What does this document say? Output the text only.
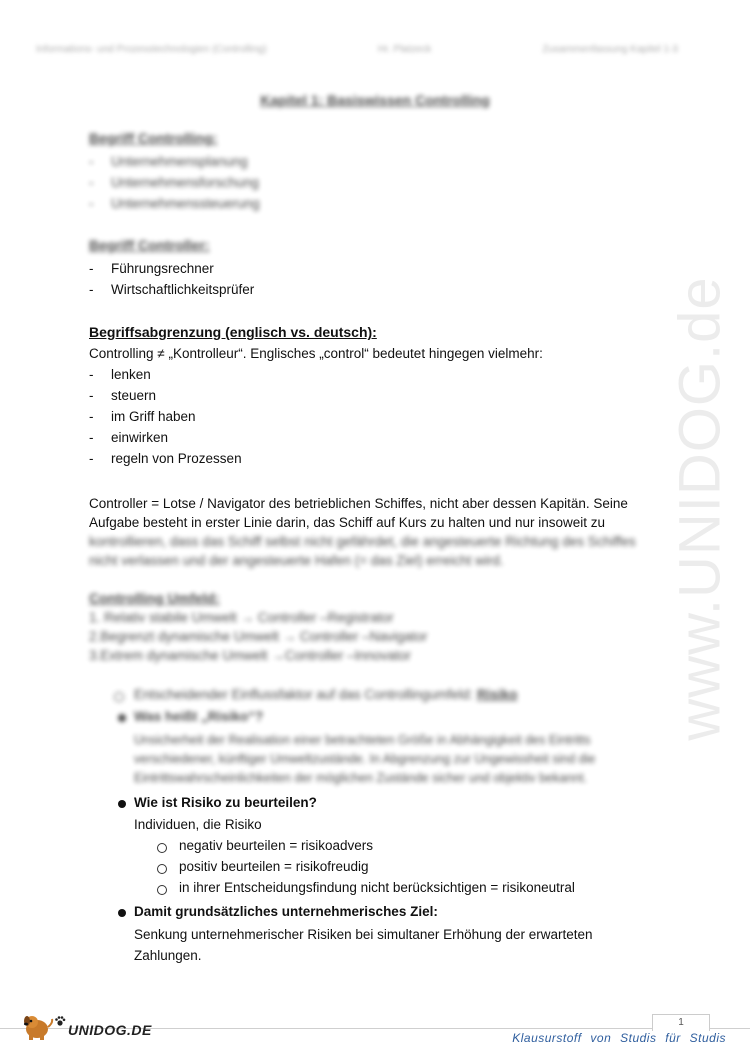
Informations- und Prozesstechnologien (Controlling)	Hr. Platzeck	Zusammenfassung Kapitel 1-3
www.UNIDOG.de
Kapitel 1: Basiswissen Controlling
Begriff Controlling:
- Unternehmensplanung
- Unternehmensforschung
- Unternehmenssteuerung
Begriff Controller:
- Führungsrechner
- Wirtschaftlichkeitsprüfer
Begriffsabgrenzung (englisch vs. deutsch):
Controlling ≠ „Kontrolleur“. Englisches „control“ bedeutet hingegen vielmehr:
- lenken
- steuern
- im Griff haben
- einwirken
- regeln von Prozessen
Controller = Lotse / Navigator des betrieblichen Schiffes, nicht aber dessen Kapitän. Seine
Aufgabe besteht in erster Linie darin, das Schiff auf Kurs zu halten und nur insoweit zu
kontrollieren, dass das Schiff selbst nicht gefährdet, die angesteuerte Richtung des Schiffes
nicht verlassen und der angesteuerte Hafen (= das Ziel) erreicht wird.
Controlling Umfeld:
1. Relativ stabile Umwelt → Controller –Registrator
2.Begrenzt dynamische Umwelt → Controller –Navigator
3.Extrem dynamische Umwelt →Controller –Innovator
Entscheidender Einflussfaktor auf das Controllingumfeld: Risiko
Was heißt „Risiko“?
Unsicherheit der Realisation einer betrachteten Größe in Abhängigkeit des Eintritts
verschiedener, künftiger Umweltzustände. In Abgrenzung zur Ungewissheit sind die
Eintrittswahrscheinlichkeiten der möglichen Zustände sicher und objektiv bekannt.
Wie ist Risiko zu beurteilen?
Individuen, die Risiko
negativ beurteilen = risikoadvers
positiv beurteilen = risikofreudig
in ihrer Entscheidungsfindung nicht berücksichtigen = risikoneutral
Damit grundsätzliches unternehmerisches Ziel:
Senkung unternehmerischer Risiken bei simultaner Erhöhung der erwarteten
Zahlungen.
1
UNIDOG.DE	Klausurstoff von Studis für Studis
